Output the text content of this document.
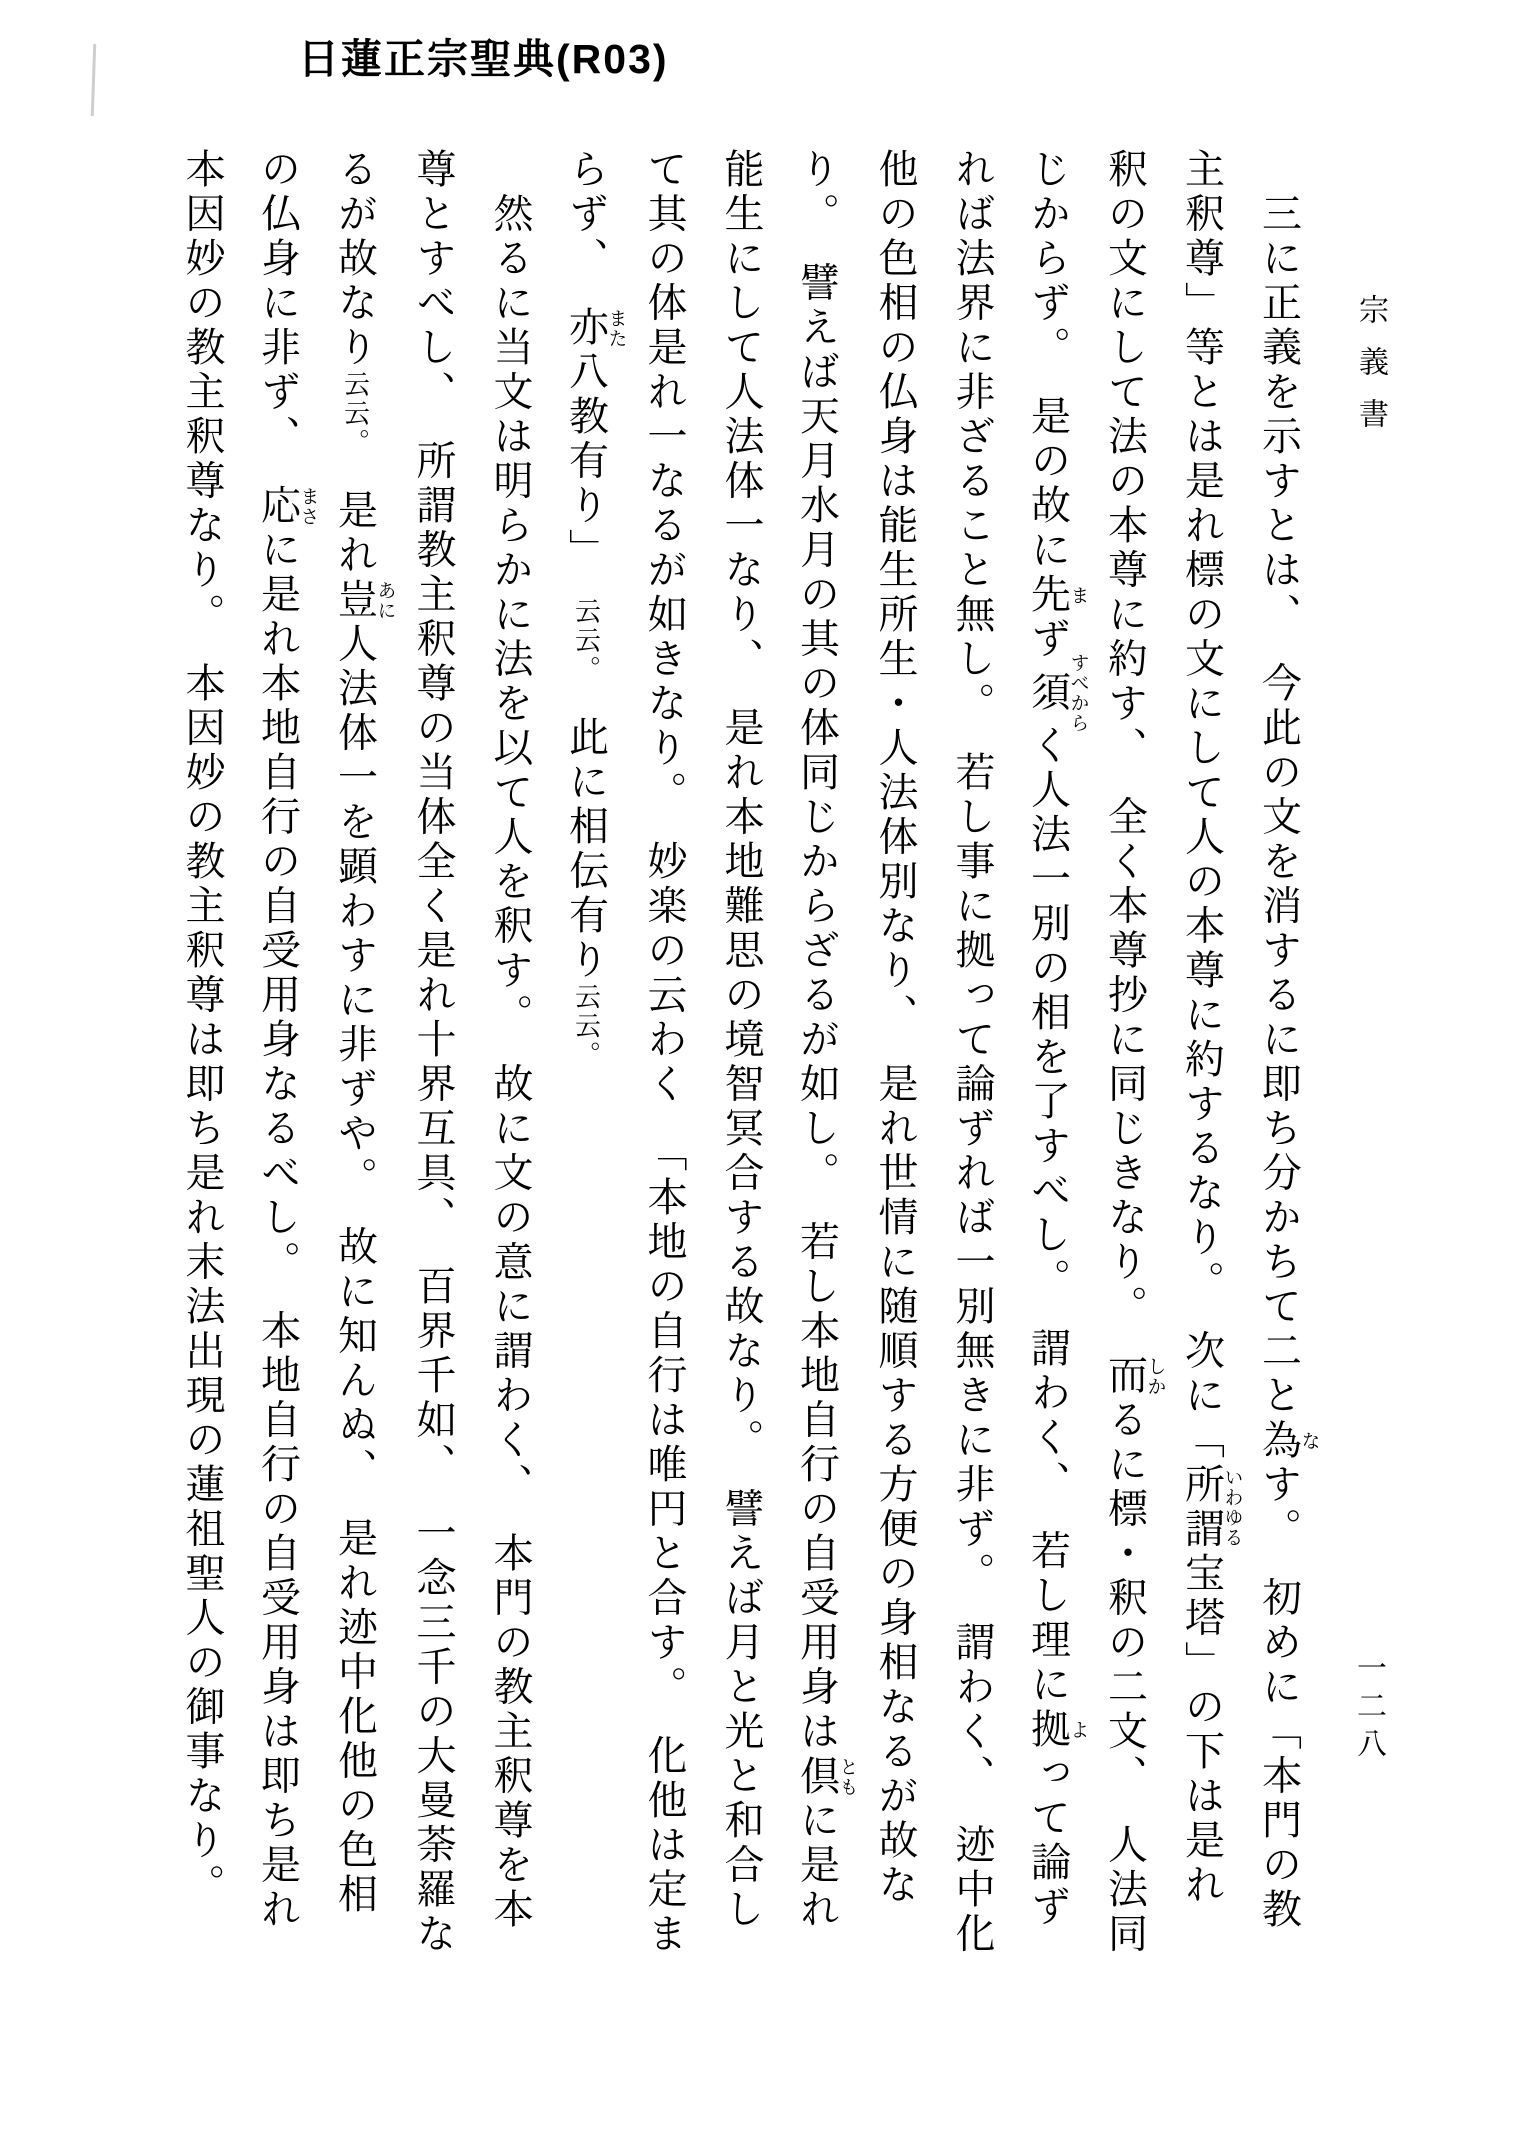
日蓮正宗聖典(R03)
宗義書
一二八
　三に正義を示すとは、　今此の文を消するに即ち分かちて二と為なす。　初めに「本門の教
主釈尊」等とは是れ標の文にして人の本尊に約するなり。　次に「所謂いわゆる宝塔」の下は是れ
釈の文にして法の本尊に約す、　全く本尊抄に同じきなり。　而しかるに標・釈の二文、　人法同
じからず。　是の故に先まず須すべからく人法一別の相を了すべし。　謂わく、　若し理に拠よって論ず
れば法界に非ざること無し。　若し事に拠って論ずれば一別無きに非ず。　謂わく、　迹中化
他の色相の仏身は能生所生・人法体別なり、　是れ世情に随順する方便の身相なるが故な
り。　譬えば天月水月の其の体同じからざるが如し。　若し本地自行の自受用身は倶ともに是れ
能生にして人法体一なり、　是れ本地難思の境智冥合する故なり。　譬えば月と光と和合し
て其の体是れ一なるが如きなり。　妙楽の云わく　「本地の自行は唯円と合す。　化他は定ま
らず、　亦また八教有り」　云云。　此に相伝有り云云。
　然るに当文は明らかに法を以て人を釈す。　故に文の意に謂わく、　本門の教主釈尊を本
尊とすべし、　所謂教主釈尊の当体全く是れ十界互具、　百界千如、　一念三千の大曼荼羅な
るが故なり云云。　是れ豈あに人法体一を顕わすに非ずや。　故に知んぬ、　是れ迹中化他の色相
の仏身に非ず、　応まさに是れ本地自行の自受用身なるべし。　本地自行の自受用身は即ち是れ
本因妙の教主釈尊なり。　本因妙の教主釈尊は即ち是れ末法出現の蓮祖聖人の御事なり。
